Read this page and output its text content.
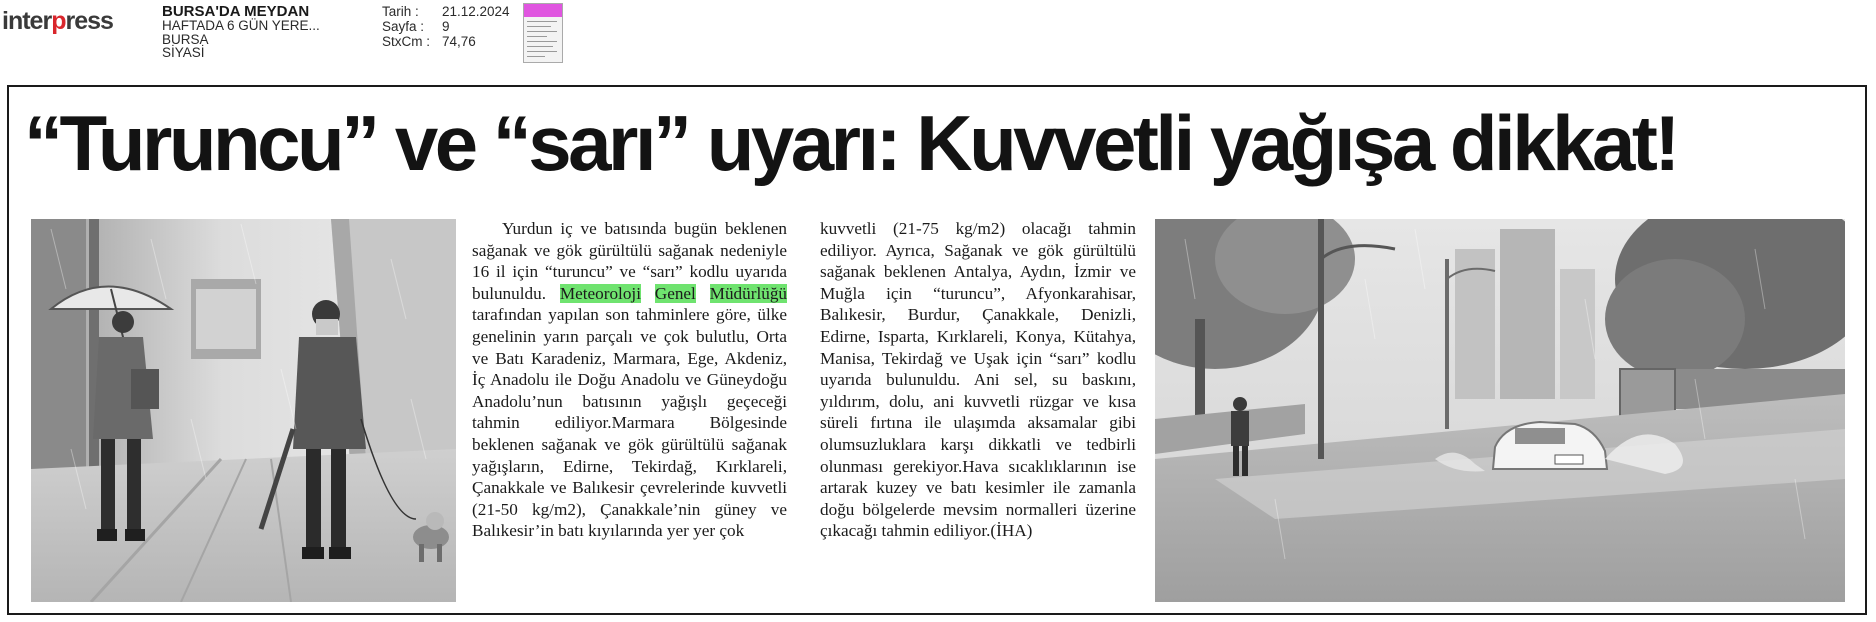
interpress	BURSA'DA MEYDAN
HAFTADA 6 GÜN YERE...
BURSA
SİYASİ
Tarih :	21.12.2024
Sayfa :	9
StxCm : 74,76
“Turuncu” ve “sarı” uyarı: Kuvvetli yağışa dikkat!

Yurdun iç ve batısında bugün beklenen sağanak ve gök gürültülü sağanak nedeniyle 16 il için “turuncu” ve “sarı” kodlu uyarıda bulunuldu. Meteoroloji Genel Müdürlüğü tarafından yapılan son tahminlere göre, ülke genelinin yarın parçalı ve çok bulutlu, Orta ve Batı Karadeniz, Marmara, Ege, Akdeniz, İç Anadolu ile Doğu Anadolu ve Güneydoğu Anadolu’nun batısının yağışlı geçeceği tahmin ediliyor.Marmara Bölgesinde beklenen sağanak ve gök gürültülü sağanak yağışların, Edirne, Tekirdağ, Kırklareli, Çanakkale ve Balıkesir çevrelerinde kuvvetli (21-50 kg/m2), Çanakkale’nin güney ve Balıkesir’in batı kıyılarında yer yer çok

kuvvetli (21-75 kg/m2) olacağı tahmin ediliyor. Ayrıca, Sağanak ve gök gürültülü sağanak beklenen Antalya, Aydın, İzmir ve Muğla için “turuncu”, Afyonkarahisar, Balıkesir, Burdur, Çanakkale, Denizli, Edirne, Isparta, Kırklareli, Konya, Kütahya, Manisa, Tekirdağ ve Uşak için “sarı” kodlu uyarıda bulunuldu. Ani sel, su baskını, yıldırım, dolu, ani kuvvetli rüzgar ve kısa süreli fırtına ile ulaşımda aksamalar gibi olumsuzluklara karşı dikkatli ve tedbirli olunması gerekiyor.Hava sıcaklıklarının ise artarak kuzey ve batı kesimler ile zamanla doğu bölgelerde mevsim normalleri üzerine çıkacağı tahmin ediliyor.(İHA)
